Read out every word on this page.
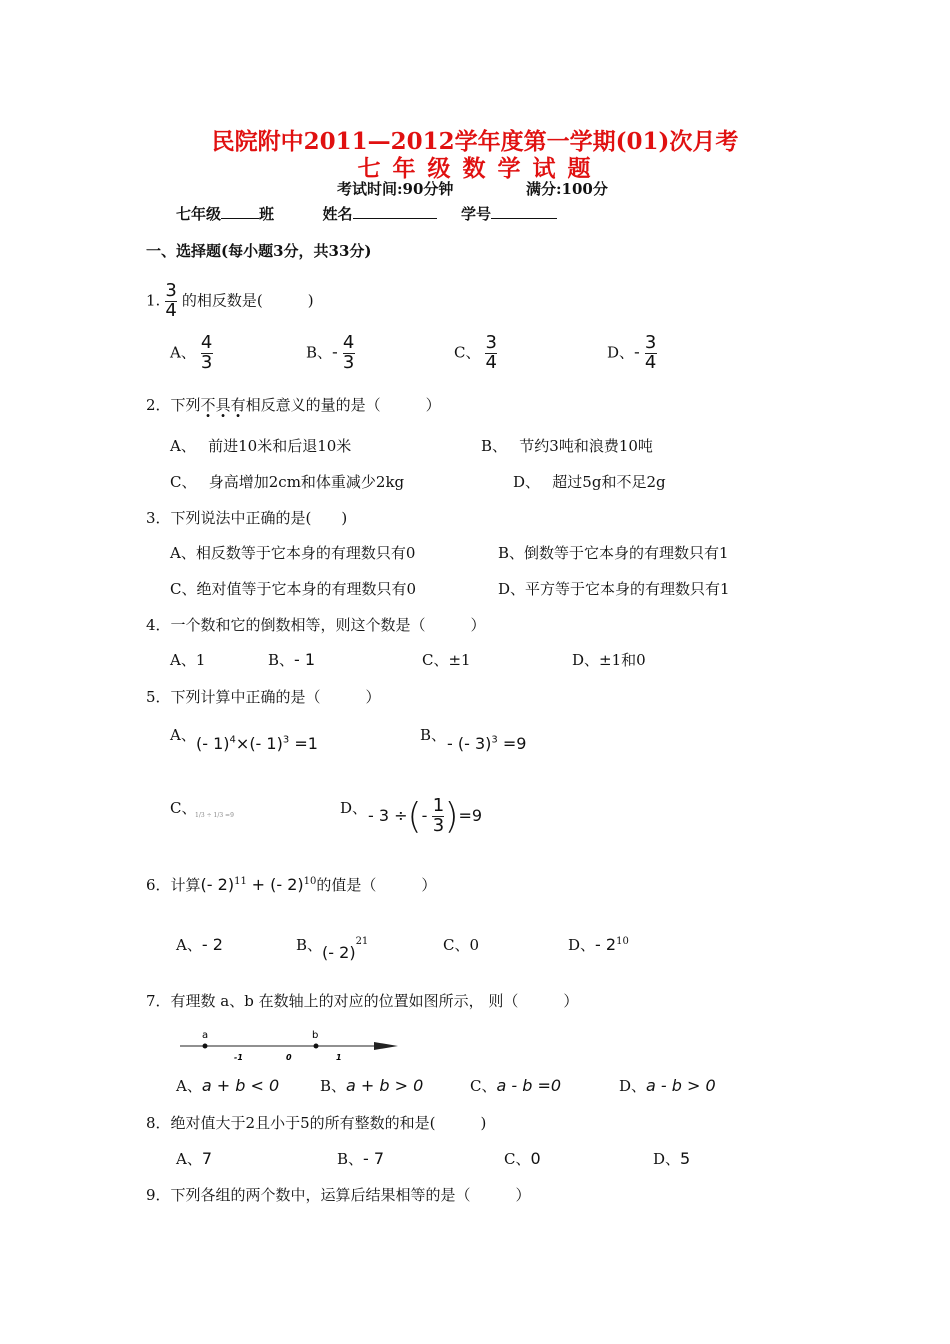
民院附中2011—2012学年度第一学期(01)次月考
七 年 级 数 学 试 题
考试时间:90分钟	满分:100分
七年级	班	姓名	学号
一、选择题(每小题3分，共33分)
1. $\frac{3}{4}$ 的相反数是(　　　)
A、 $\frac{4}{3}$	B、- $\frac{4}{3}$	C、 $\frac{3}{4}$	D、- $\frac{3}{4}$
2．下列不具有相反意义的量的是（　　　）
A、　 前进10米和后退10米	B、　 节约3吨和浪费10吨
C、　 身高增加2cm和体重减少2kg	D、　 超过5g和不足2g
3．下列说法中正确的是(　　)
A、相反数等于它本身的有理数只有0	B、倒数等于它本身的有理数只有1
C、绝对值等于它本身的有理数只有0	D、平方等于它本身的有理数只有1
4．一个数和它的倒数相等，则这个数是（　　　）
A、1	B、- 1	C、±1	D、±1和0
5．下列计算中正确的是（　　　）
A、 (- 1)$^4$×(- 1)$^3$ =1	B、 - (- 3)$^3$ =9
C、
1/3 ÷ 1/3 =9	D、 - 3 ÷(- $\frac{1}{3} )=9$
6．计算(- 2)$^{11}$ + (- 2)$^{10}$的值是（　　　）
A、- 2	B、(- 2)$^{21}$	C、0	D、- $2^{10}$
7．有理数 a、b 在数轴上的对应的位置如图所示， 则（　　　）
a	b
-1	0	1
A、a + b < 0	B、a + b > 0	C、a - b =0	D、a - b > 0
8．绝对值大于2且小于5的所有整数的和是(　　　)
A、7	B、- 7	C、0	D、5
9．下列各组的两个数中，运算后结果相等的是（　　　）
